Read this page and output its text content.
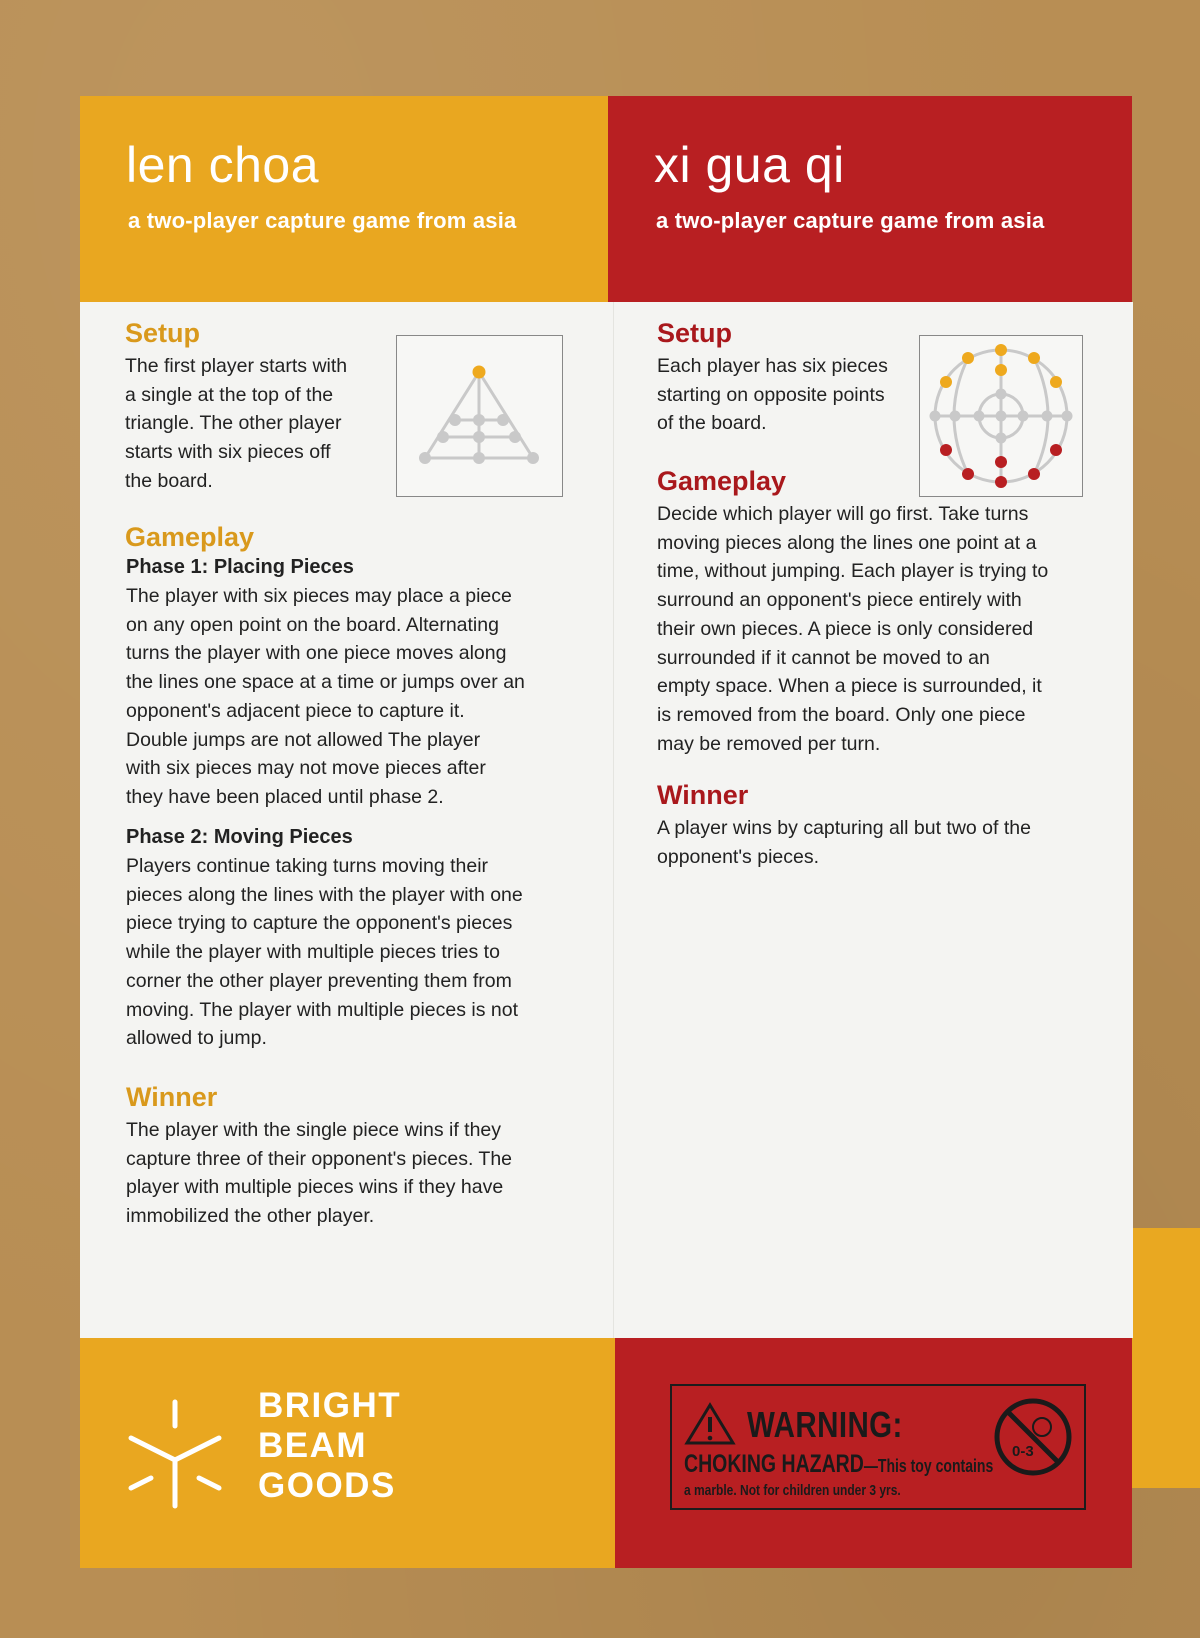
len choa
a two-player capture game from asia
xi gua qi
a two-player capture game from asia
Setup
The first player starts with
a single at the top of the
triangle. The other player
starts with six pieces off
the board.
Gameplay
Phase 1: Placing Pieces
The player with six pieces may place a piece
on any open point on the board. Alternating
turns the player with one piece moves along
the lines one space at a time or jumps over an
opponent's adjacent piece to capture it.
Double jumps are not allowed The player
with six pieces may not move pieces after
they have been placed until phase 2.
Phase 2: Moving Pieces
Players continue taking turns moving their
pieces along the lines with the player with one
piece trying to capture the opponent's pieces
while the player with multiple pieces tries to
corner the other player preventing them from
moving. The player with multiple pieces is not
allowed to jump.
Winner
The player with the single piece wins if they
capture three of their opponent's pieces. The
player with multiple pieces wins if they have
immobilized the other player.
Setup
Each player has six pieces
starting on opposite points
of the board.
Gameplay
Decide which player will go first. Take turns
moving pieces along the lines one point at a
time, without jumping. Each player is trying to
surround an opponent's piece entirely with
their own pieces. A piece is only considered
surrounded if it cannot be moved to an
empty space. When a piece is surrounded, it
is removed from the board. Only one piece
may be removed per turn.
Winner
A player wins by capturing all but two of the
opponent's pieces.
BRIGHT
BEAM
GOODS
WARNING:
CHOKING HAZARD—This toy contains
a marble. Not for children under 3 yrs.
0-3
